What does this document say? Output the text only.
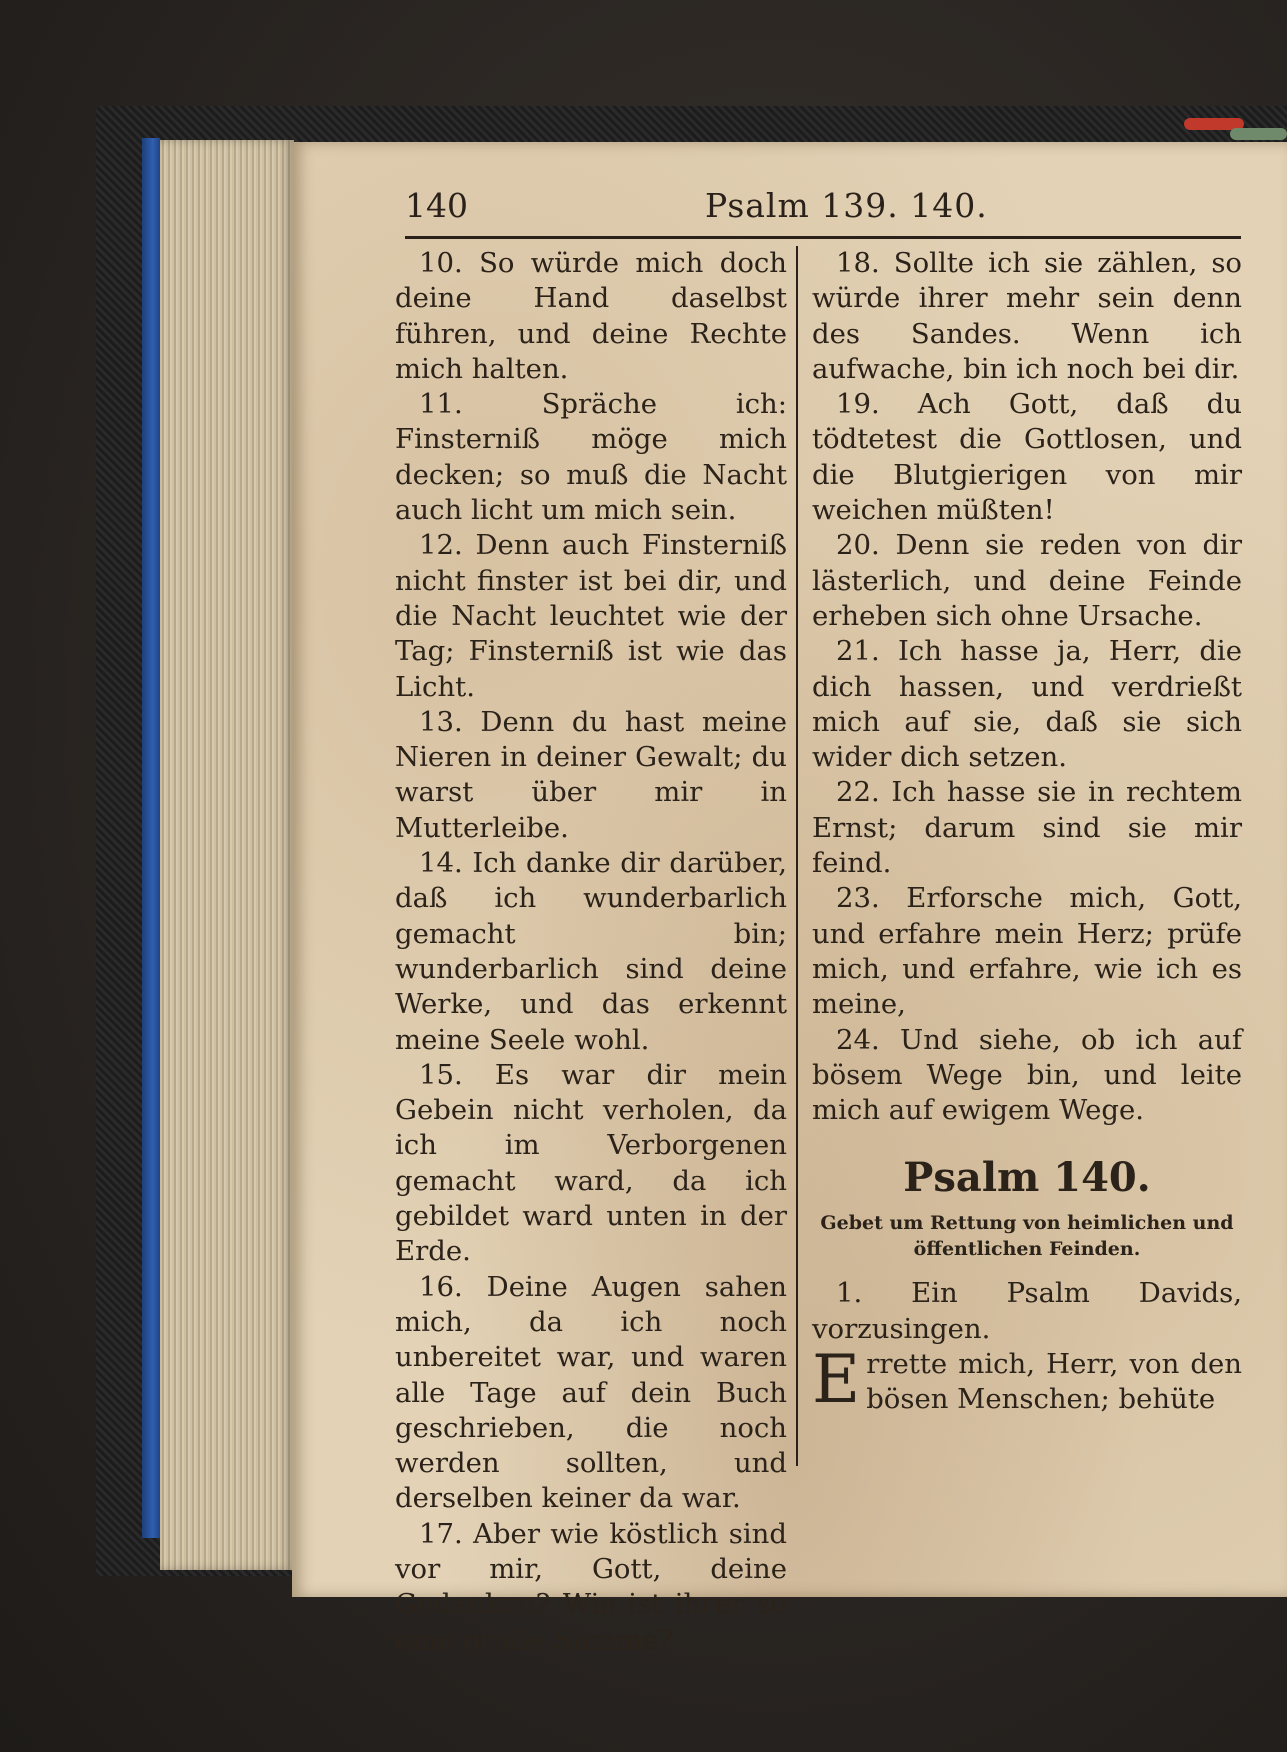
140	Psalm 139. 140.

10. So würde mich doch deine Hand daselbst führen, und deine Rechte mich halten.

11. Spräche ich: Finsterniß möge mich decken; so muß die Nacht auch licht um mich sein.

12. Denn auch Finsterniß nicht finster ist bei dir, und die Nacht leuchtet wie der Tag; Finsterniß ist wie das Licht.

13. Denn du hast meine Nieren in deiner Gewalt; du warst über mir in Mutterleibe.

14. Ich danke dir darüber, daß ich wunderbarlich gemacht bin; wunderbarlich sind deine Werke, und das erkennt meine Seele wohl.

15. Es war dir mein Gebein nicht verholen, da ich im Verborgenen gemacht ward, da ich gebildet ward unten in der Erde.

16. Deine Augen sahen mich, da ich noch unbereitet war, und waren alle Tage auf dein Buch geschrieben, die noch werden sollten, und derselben keiner da war.

17. Aber wie köstlich sind vor mir, Gott, deine Gedanken? Wie ist ihrer so eine große Summe?

18. Sollte ich sie zählen, so würde ihrer mehr sein denn des Sandes. Wenn ich aufwache, bin ich noch bei dir.

19. Ach Gott, daß du tödtetest die Gottlosen, und die Blutgierigen von mir weichen müßten!

20. Denn sie reden von dir lästerlich, und deine Feinde erheben sich ohne Ursache.

21. Ich hasse ja, Herr, die dich hassen, und verdrießt mich auf sie, daß sie sich wider dich setzen.

22. Ich hasse sie in rechtem Ernst; darum sind sie mir feind.

23. Erforsche mich, Gott, und erfahre mein Herz; prüfe mich, und erfahre, wie ich es meine,

24. Und siehe, ob ich auf bösem Wege bin, und leite mich auf ewigem Wege.

Psalm 140.
Gebet um Rettung von heimlichen und öffentlichen Feinden.

1. Ein Psalm Davids, vorzusingen.

Errette mich, Herr, von den bösen Menschen; behüte
